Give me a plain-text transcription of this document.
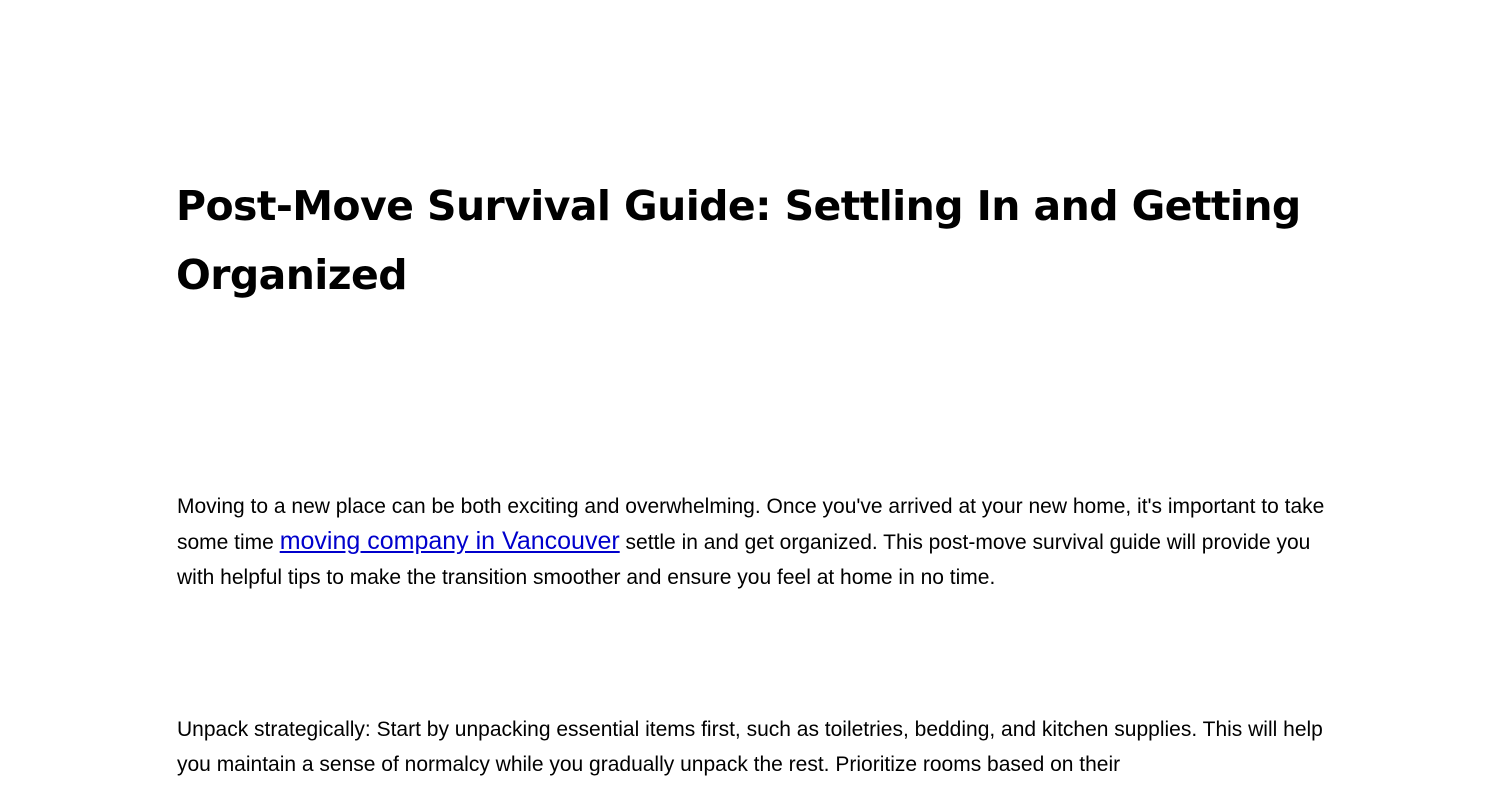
Post-Move Survival Guide: Settling In and Getting Organized

Moving to a new place can be both exciting and overwhelming. Once you've arrived at your new home, it's important to take some time moving company in Vancouver settle in and get organized. This post-move survival guide will provide you with helpful tips to make the transition smoother and ensure you feel at home in no time.

Unpack strategically: Start by unpacking essential items first, such as toiletries, bedding, and kitchen supplies. This will help you maintain a sense of normalcy while you gradually unpack the rest. Prioritize rooms based on their
